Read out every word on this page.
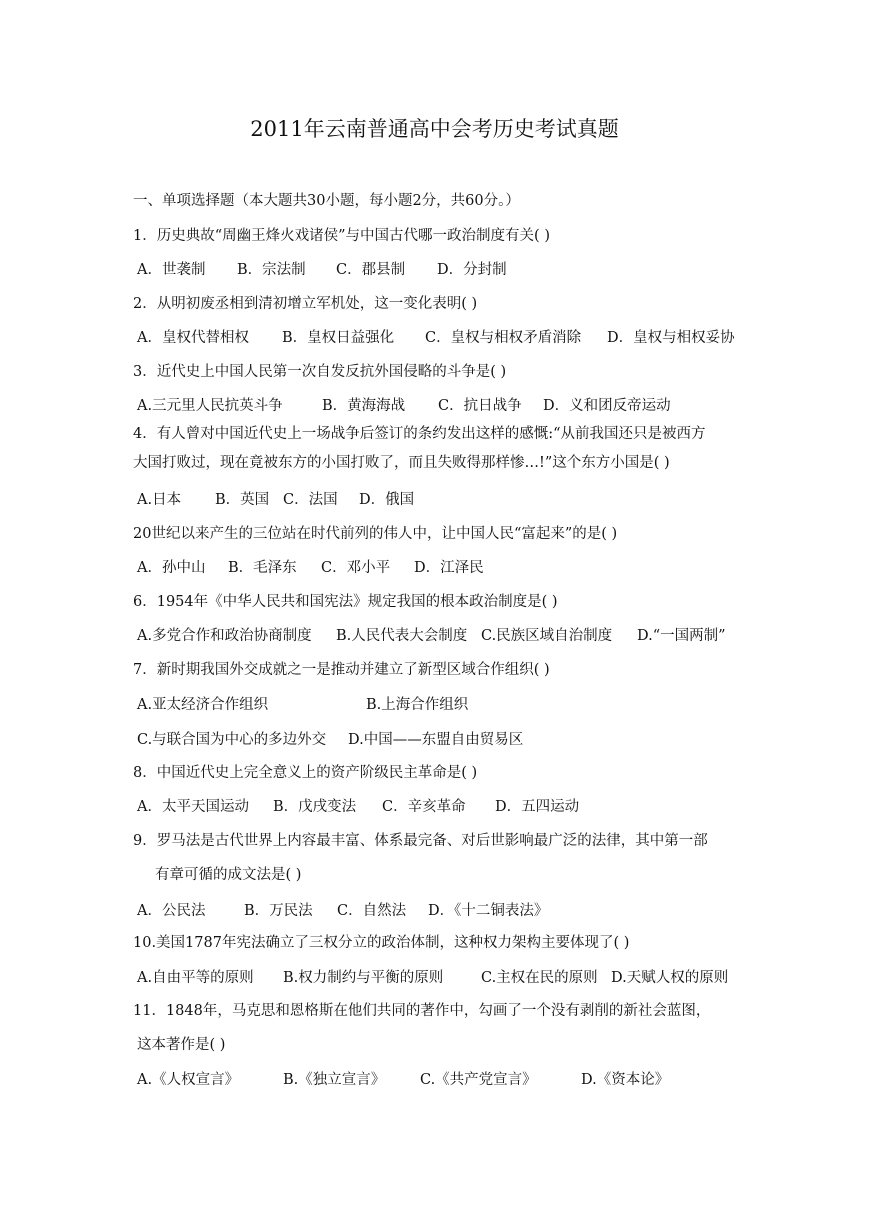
2011年云南普通高中会考历史考试真题
一、单项选择题（本大题共30小题，每小题2分，共60分。）
1．历史典故“周幽王烽火戏诸侯”与中国古代哪一政治制度有关( )
A．世袭制 B．宗法制 C．郡县制 D．分封制
2．从明初废丞相到清初增立军机处，这一变化表明( )
A．皇权代替相权 B．皇权日益强化 C．皇权与相权矛盾消除 D．皇权与相权妥协
3．近代史上中国人民第一次自发反抗外国侵略的斗争是( )
A.三元里人民抗英斗争	B．黄海海战 C．抗日战争 D．义和团反帝运动
4．有人曾对中国近代史上一场战争后签订的条约发出这样的感慨:“从前我国还只是被西方
大国打败过，现在竟被东方的小国打败了，而且失败得那样惨…!”这个东方小国是( )
A.日本 B．英国 C．法国 D．俄国
20世纪以来产生的三位站在时代前列的伟人中，让中国人民“富起来”的是( )
A．孙中山 B．毛泽东 C．邓小平 D．江泽民
6．1954年《中华人民共和国宪法》规定我国的根本政治制度是( )
A.多党合作和政治协商制度 B.人民代表大会制度 C.民族区域自治制度 D.“一国两制”
7．新时期我国外交成就之一是推动并建立了新型区域合作组织( )
A.亚太经济合作组织	B.上海合作组织
C.与联合国为中心的多边外交 D.中国——东盟自由贸易区
8．中国近代史上完全意义上的资产阶级民主革命是( )
A．太平天国运动 B．戊戌变法 C．辛亥革命 D．五四运动
9．罗马法是古代世界上内容最丰富、体系最完备、对后世影响最广泛的法律，其中第一部
有章可循的成文法是( )
A．公民法	B．万民法 C．自然法 D．《十二铜表法》
10.美国1787年宪法确立了三权分立的政治体制，这种权力架构主要体现了( )
A.自由平等的原则 B.权力制约与平衡的原则	C.主权在民的原则 D.天赋人权的原则
11．1848年，马克思和恩格斯在他们共同的著作中，勾画了一个没有剥削的新社会蓝图，
这本著作是( )
A.《人权宣言》	B.《独立宣言》 C.《共产党宣言》	D.《资本论》
